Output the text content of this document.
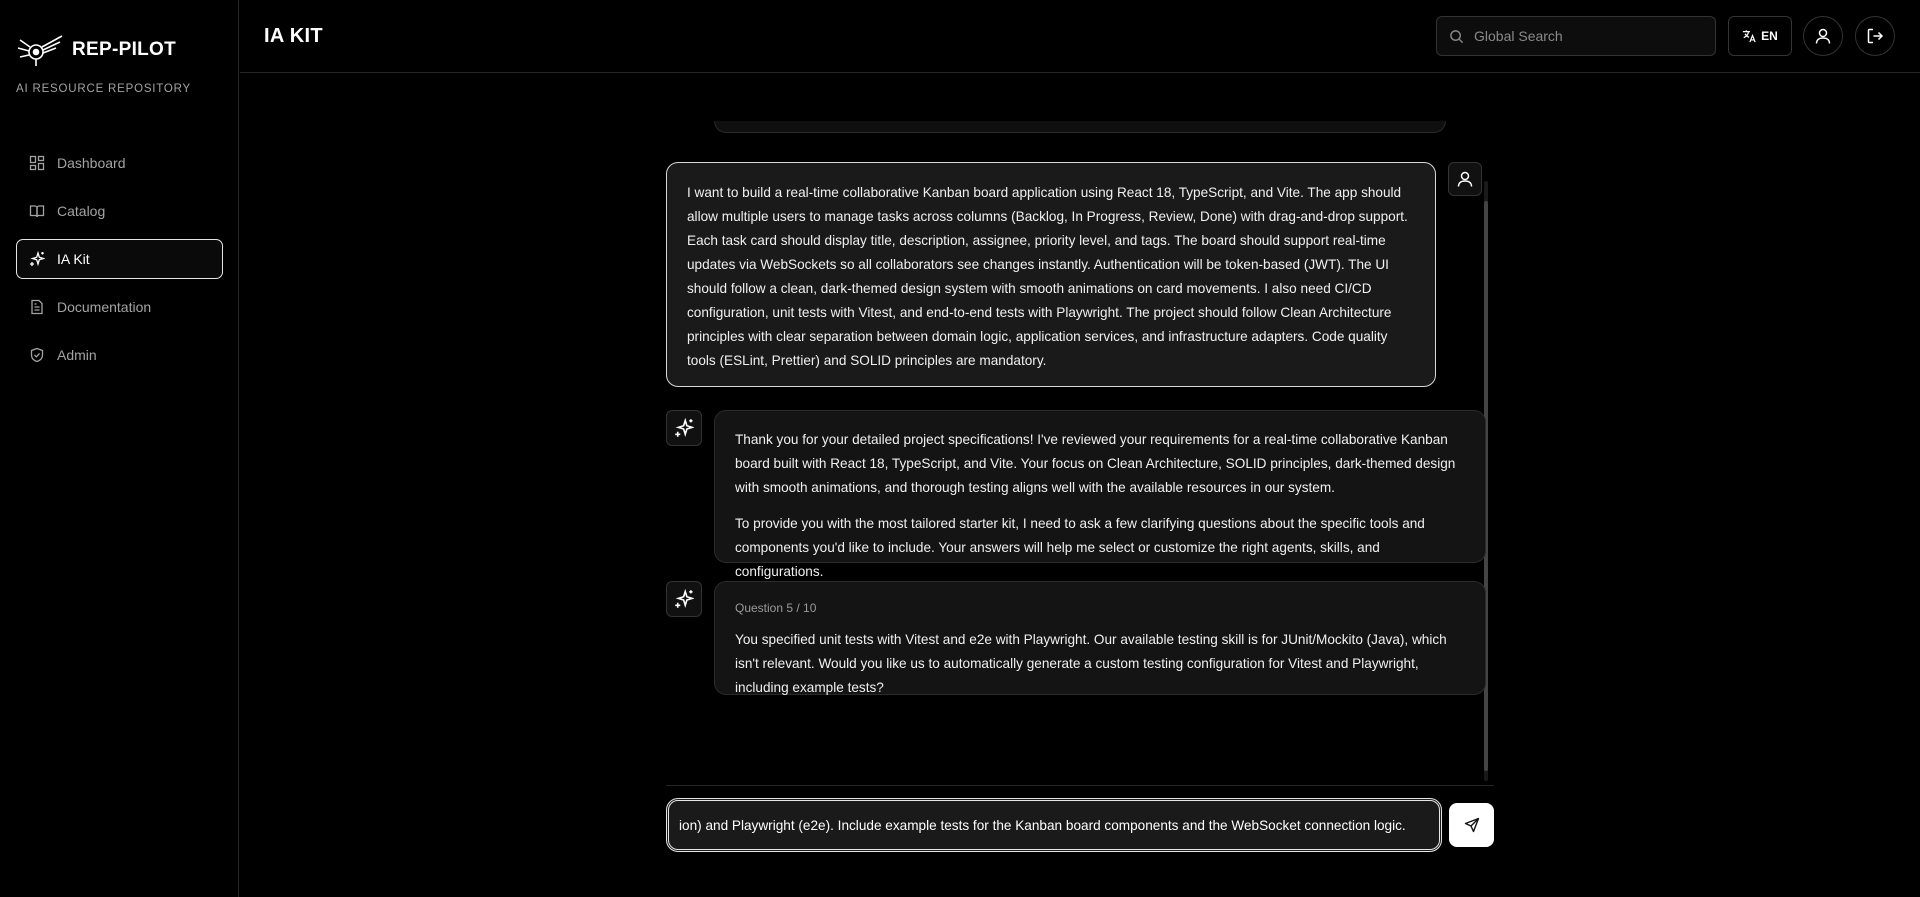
REP-PILOT
AI RESOURCE REPOSITORY
Dashboard
Catalog
IA Kit
Documentation
Admin
IA KIT
Global Search	EN
I want to build a real-time collaborative Kanban board application using React 18, TypeScript, and Vite. The app should allow multiple users to manage tasks across columns (Backlog, In Progress, Review, Done) with drag-and-drop support. Each task card should display title, description, assignee, priority level, and tags. The board should support real-time updates via WebSockets so all collaborators see changes instantly. Authentication will be token-based (JWT). The UI should follow a clean, dark-themed design system with smooth animations on card movements. I also need CI/CD configuration, unit tests with Vitest, and end-to-end tests with Playwright. The project should follow Clean Architecture principles with clear separation between domain logic, application services, and infrastructure adapters. Code quality tools (ESLint, Prettier) and SOLID principles are mandatory.

Thank you for your detailed project specifications! I've reviewed your requirements for a real-time collaborative Kanban board built with React 18, TypeScript, and Vite. Your focus on Clean Architecture, SOLID principles, dark-themed design with smooth animations, and thorough testing aligns well with the available resources in our system.

To provide you with the most tailored starter kit, I need to ask a few clarifying questions about the specific tools and components you'd like to include. Your answers will help me select or customize the right agents, skills, and configurations.

Question 5 / 10

You specified unit tests with Vitest and e2e with Playwright. Our available testing skill is for JUnit/Mockito (Java), which isn't relevant. Would you like us to automatically generate a custom testing configuration for Vitest and Playwright, including example tests?

ion) and Playwright (e2e). Include example tests for the Kanban board components and the WebSocket connection logic.
